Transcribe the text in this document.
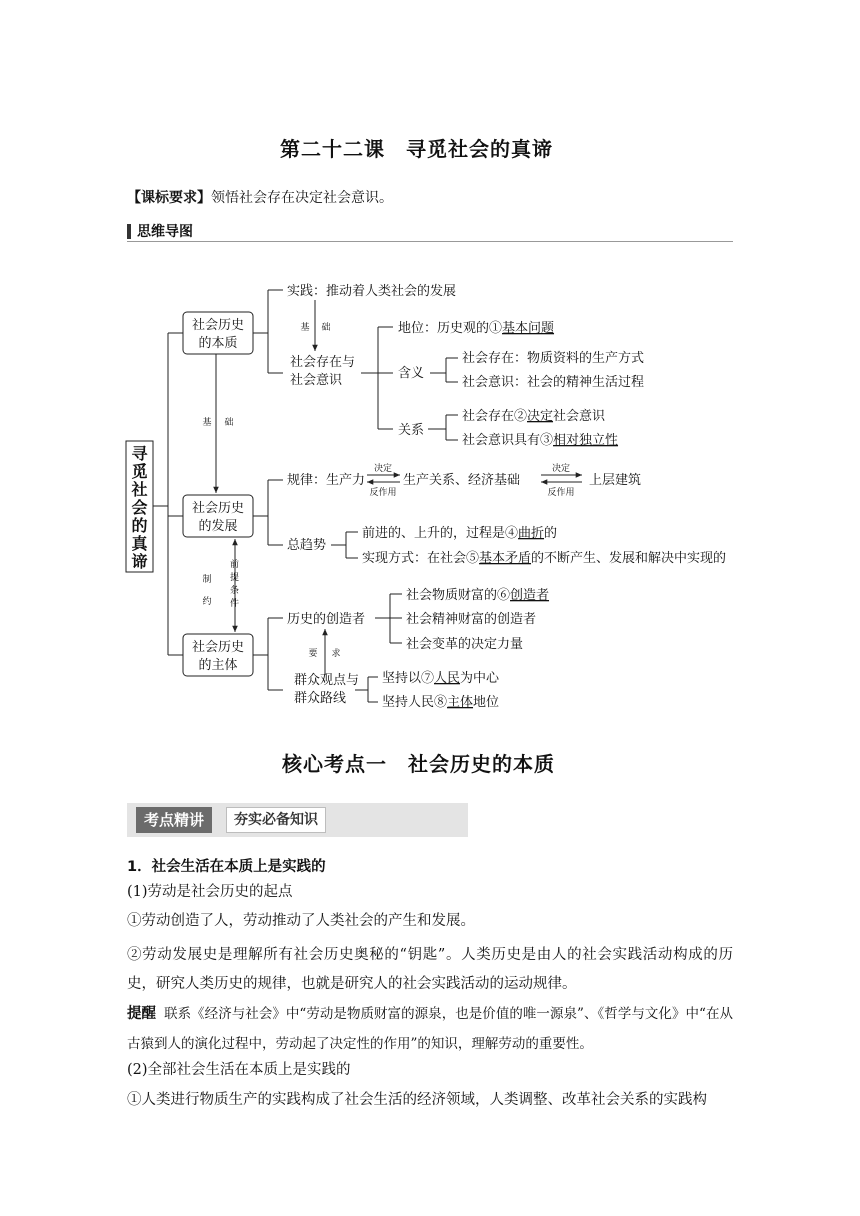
第二十二课　寻觅社会的真谛
【课标要求】领悟社会存在决定社会意识。
思维导图
寻
觅
社
会
的
真
谛
社会历史
的本质
社会历史
的发展
社会历史
的主体
基 础
制
约
前
提
条
件
实践：推动着人类社会的发展
基 础
社会存在与
社会意识
地位：历史观的①基本问题
含义
社会存在：物质资料的生产方式
社会意识：社会的精神生活过程
关系
社会存在②决定社会意识
社会意识具有③相对独立性
规律：生产力
决定
反作用
生产关系、经济基础
决定
反作用
上层建筑
总趋势
前进的、上升的，过程是④曲折的
实现方式：在社会⑤基本矛盾的不断产生、发展和解决中实现的
历史的创造者
社会物质财富的⑥创造者
社会精神财富的创造者
社会变革的决定力量
要 求
群众观点与
群众路线
坚持以⑦人民为中心
坚持人民⑧主体地位
核心考点一　社会历史的本质
考点精讲	夯实必备知识
1．社会生活在本质上是实践的
(1)劳动是社会历史的起点
①劳动创造了人，劳动推动了人类社会的产生和发展。
②劳动发展史是理解所有社会历史奥秘的“钥匙”。人类历史是由人的社会实践活动构成的历史，研究人类历史的规律，也就是研究人的社会实践活动的运动规律。
提醒 联系《经济与社会》中“劳动是物质财富的源泉，也是价值的唯一源泉”、《哲学与文化》中“在从古猿到人的演化过程中，劳动起了决定性的作用”的知识，理解劳动的重要性。
(2)全部社会生活在本质上是实践的
①人类进行物质生产的实践构成了社会生活的经济领域，人类调整、改革社会关系的实践构
